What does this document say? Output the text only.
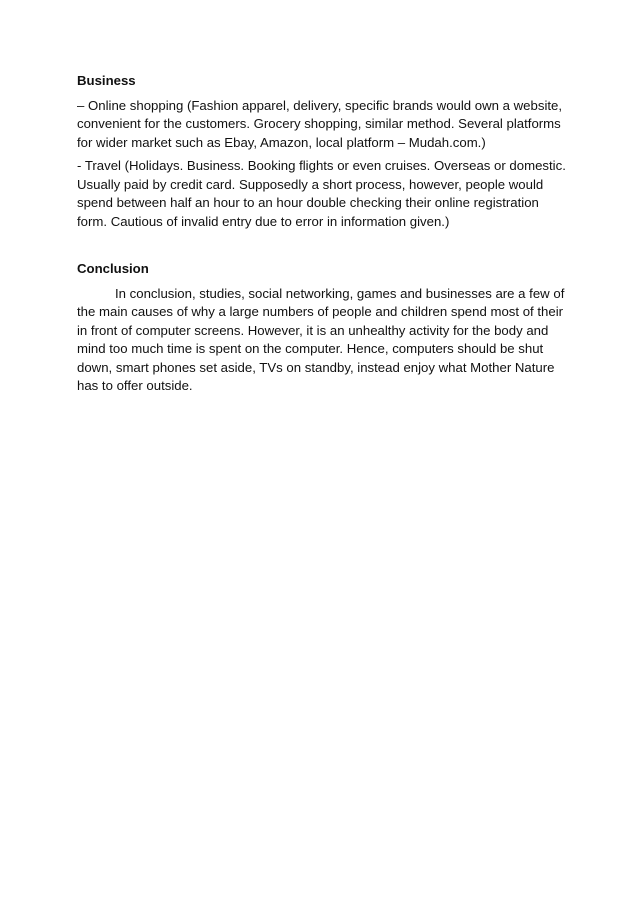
Business

– Online shopping (Fashion apparel, delivery, specific brands would own a website, convenient for the customers. Grocery shopping, similar method. Several platforms for wider market such as Ebay, Amazon, local platform – Mudah.com.)

- Travel (Holidays. Business. Booking flights or even cruises. Overseas or domestic. Usually paid by credit card. Supposedly a short process, however, people would spend between half an hour to an hour double checking their online registration form. Cautious of invalid entry due to error in information given.)

Conclusion

In conclusion, studies, social networking, games and businesses are a few of the main causes of why a large numbers of people and children spend most of their in front of computer screens. However, it is an unhealthy activity for the body and mind too much time is spent on the computer. Hence, computers should be shut down, smart phones set aside, TVs on standby, instead enjoy what Mother Nature has to offer outside.
